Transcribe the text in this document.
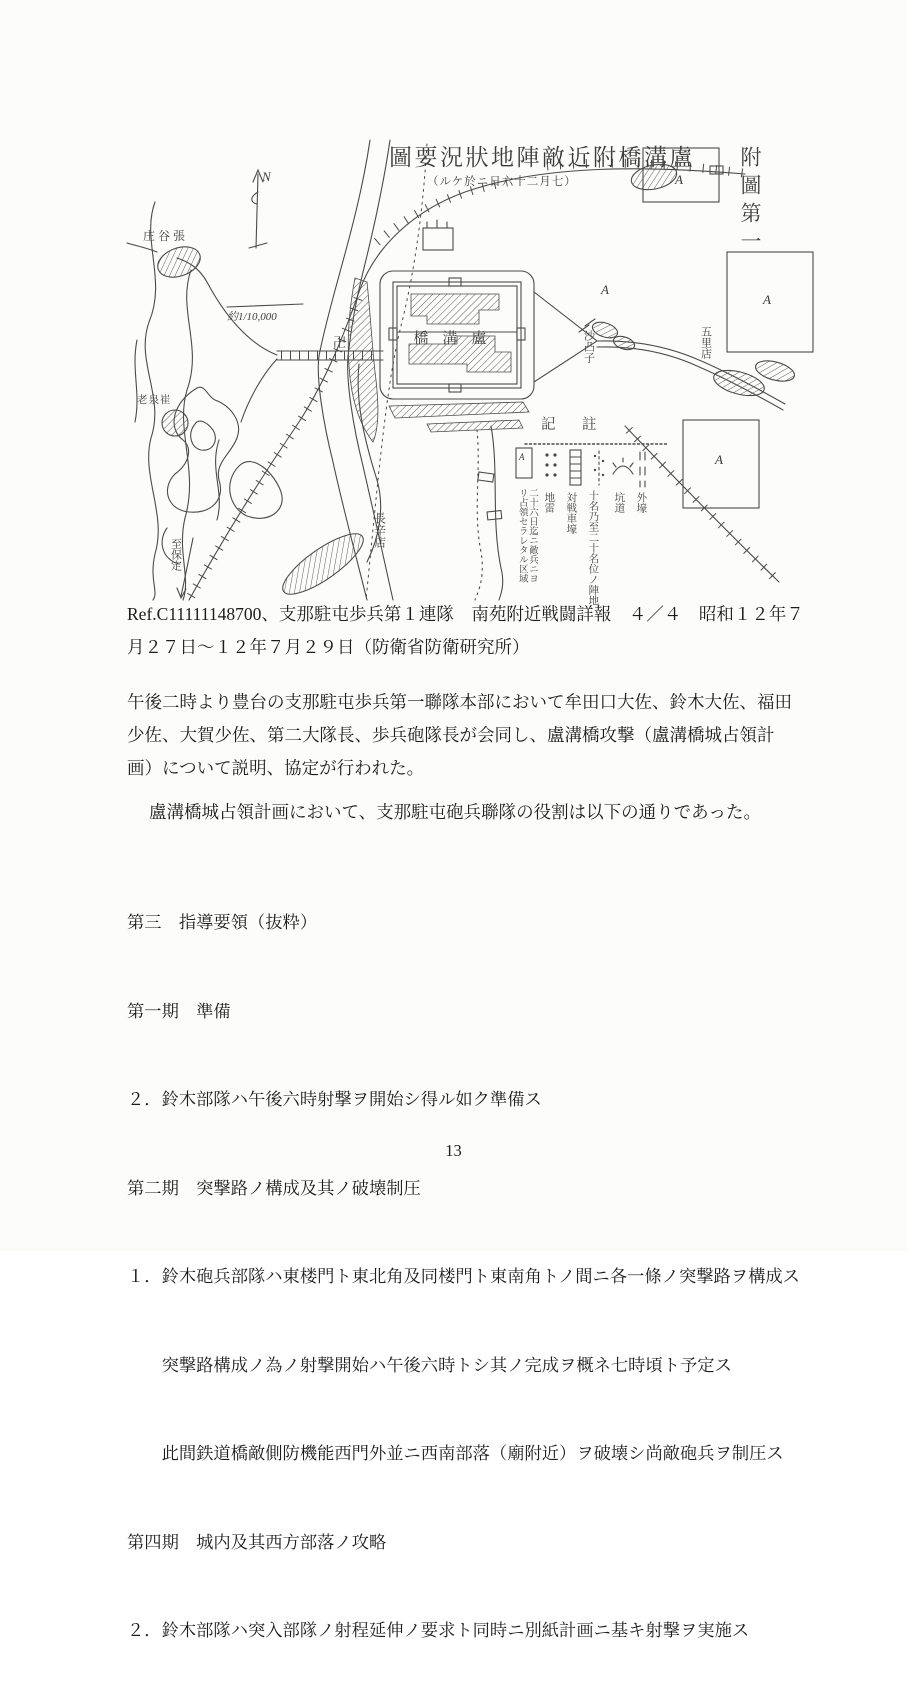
圖要況狀地陣敵近附橋溝盧
（ルケ於ニ日六十二月七）	附圖第一
N
約1/10,000
橋溝盧
卍
庄谷張
老泉崔
長辛店
至保定
五里店
沙凸子
A
A
A
A
A
記　註
外壕
坑道
十名乃至二十名位ノ陣地
対戦車壕
地雷
二十六日迄ニ敵兵ニヨリ占領セラレタル区域

Ref.C11111148700、支那駐屯歩兵第１連隊　南苑附近戦闘詳報　４／４　昭和１２年７月２７日～１２年７月２９日（防衛省防衛研究所）

午後二時より豊台の支那駐屯歩兵第一聯隊本部において牟田口大佐、鈴木大佐、福田少佐、大賀少佐、第二大隊長、歩兵砲隊長が会同し、盧溝橋攻撃（盧溝橋城占領計画）について説明、協定が行われた。

盧溝橋城占領計画において、支那駐屯砲兵聯隊の役割は以下の通りであった。

第三　指導要領（抜粋）

第一期　準備

２．鈴木部隊ハ午後六時射撃ヲ開始シ得ル如ク準備ス

第二期　突撃路ノ構成及其ノ破壊制圧

１．鈴木砲兵部隊ハ東楼門ト東北角及同楼門ト東南角トノ間ニ各一條ノ突撃路ヲ構成ス

　　突撃路構成ノ為ノ射撃開始ハ午後六時トシ其ノ完成ヲ概ネ七時頃ト予定ス

　　此間鉄道橋敵側防機能西門外並ニ西南部落（廟附近）ヲ破壊シ尚敵砲兵ヲ制圧ス

第四期　城内及其西方部落ノ攻略

２．鈴木部隊ハ突入部隊ノ射程延伸ノ要求ト同時ニ別紙計画ニ基キ射撃ヲ実施ス

13
